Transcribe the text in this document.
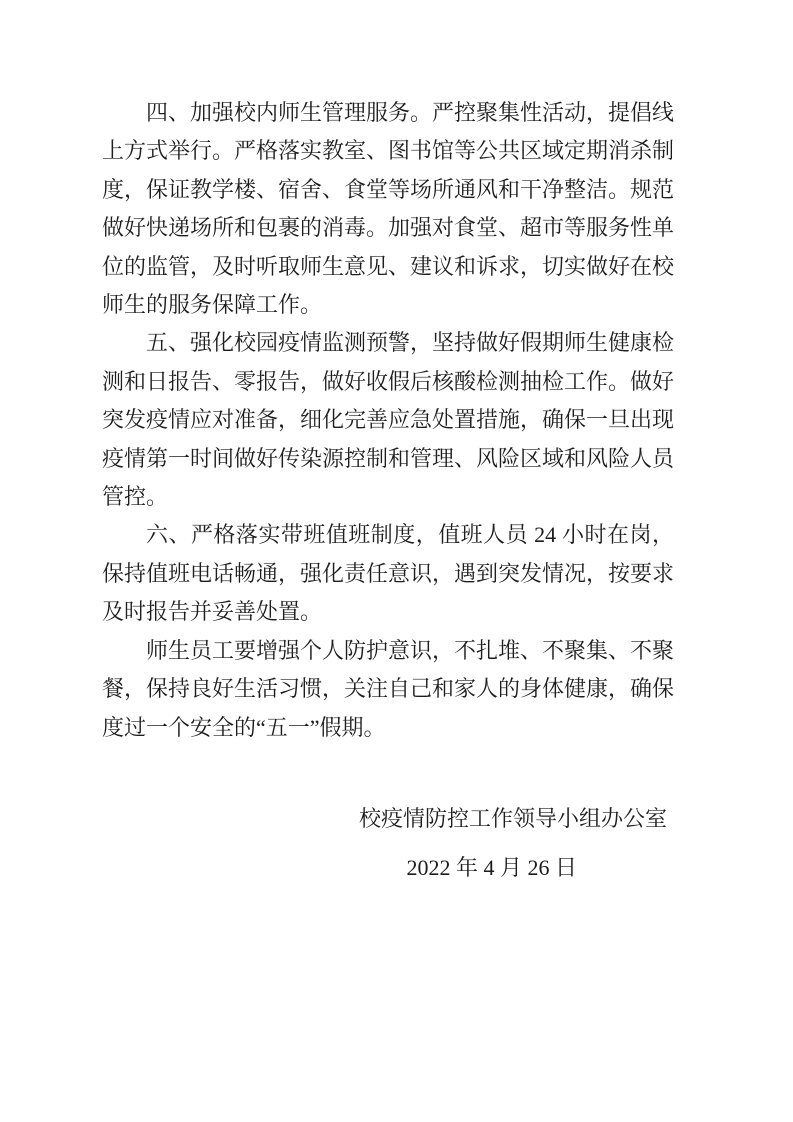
四、加强校内师生管理服务。严控聚集性活动，提倡线
上方式举行。严格落实教室、图书馆等公共区域定期消杀制
度，保证教学楼、宿舍、食堂等场所通风和干净整洁。规范
做好快递场所和包裹的消毒。加强对食堂、超市等服务性单
位的监管，及时听取师生意见、建议和诉求，切实做好在校
师生的服务保障工作。
五、强化校园疫情监测预警，坚持做好假期师生健康检
测和日报告、零报告，做好收假后核酸检测抽检工作。做好
突发疫情应对准备，细化完善应急处置措施，确保一旦出现
疫情第一时间做好传染源控制和管理、风险区域和风险人员
管控。
六、严格落实带班值班制度，值班人员 24 小时在岗，
保持值班电话畅通，强化责任意识，遇到突发情况，按要求
及时报告并妥善处置。
师生员工要增强个人防护意识，不扎堆、不聚集、不聚
餐，保持良好生活习惯，关注自己和家人的身体健康，确保
度过一个安全的“五一”假期。
校疫情防控工作领导小组办公室
2022 年 4 月 26 日
